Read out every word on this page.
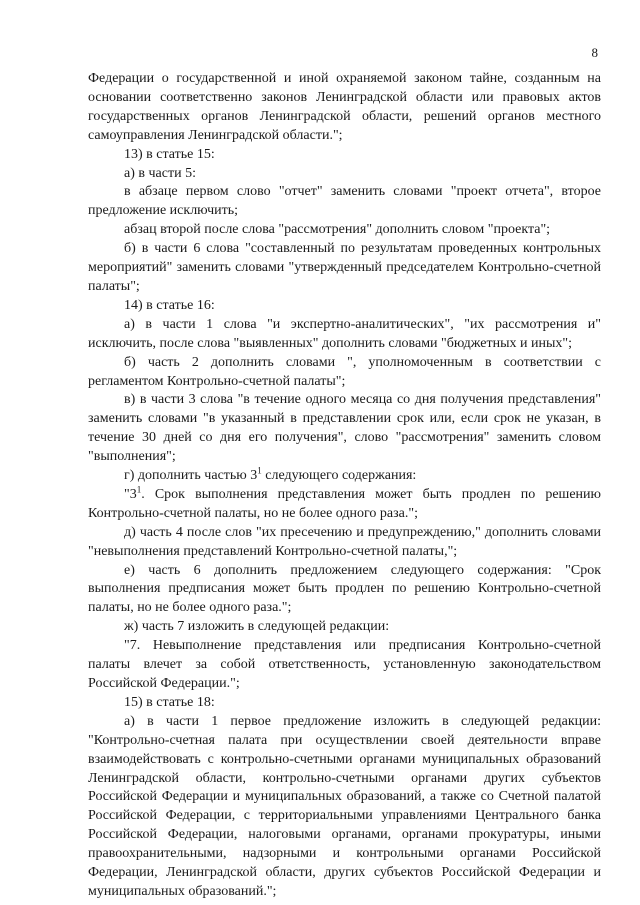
8

Федерации о государственной и иной охраняемой законом тайне, созданным на основании соответственно законов Ленинградской области или правовых актов государственных органов Ленинградской области, решений органов местного самоуправления Ленинградской области.";

13) в статье 15:

а) в части 5:

в абзаце первом слово "отчет" заменить словами "проект отчета", второе предложение исключить;

абзац второй после слова "рассмотрения" дополнить словом "проекта";

б) в части 6 слова "составленный по результатам проведенных контрольных мероприятий" заменить словами "утвержденный председателем Контрольно-счетной палаты";

14) в статье 16:

а) в части 1 слова "и экспертно-аналитических", "их рассмотрения и" исключить, после слова "выявленных" дополнить словами "бюджетных и иных";

б) часть 2 дополнить словами ", уполномоченным в соответствии с регламентом Контрольно-счетной палаты";

в) в части 3 слова "в течение одного месяца со дня получения представления" заменить словами "в указанный в представлении срок или, если срок не указан, в течение 30 дней со дня его получения", слово "рассмотрения" заменить словом "выполнения";

г) дополнить частью $3^1$ следующего содержания:

"$3^1$. Срок выполнения представления может быть продлен по решению Контрольно-счетной палаты, но не более одного раза.";

д) часть 4 после слов "их пресечению и предупреждению," дополнить словами "невыполнения представлений Контрольно-счетной палаты,";

е) часть 6 дополнить предложением следующего содержания: "Срок выполнения предписания может быть продлен по решению Контрольно-счетной палаты, но не более одного раза.";

ж) часть 7 изложить в следующей редакции:

"7. Невыполнение представления или предписания Контрольно-счетной палаты влечет за собой ответственность, установленную законодательством Российской Федерации.";

15) в статье 18:

а) в части 1 первое предложение изложить в следующей редакции: "Контрольно-счетная палата при осуществлении своей деятельности вправе взаимодействовать с контрольно-счетными органами муниципальных образований Ленинградской области, контрольно-счетными органами других субъектов Российской Федерации и муниципальных образований, а также со Счетной палатой Российской Федерации, с территориальными управлениями Центрального банка Российской Федерации, налоговыми органами, органами прокуратуры, иными правоохранительными, надзорными и контрольными органами Российской Федерации, Ленинградской области, других субъектов Российской Федерации и муниципальных образований.";
